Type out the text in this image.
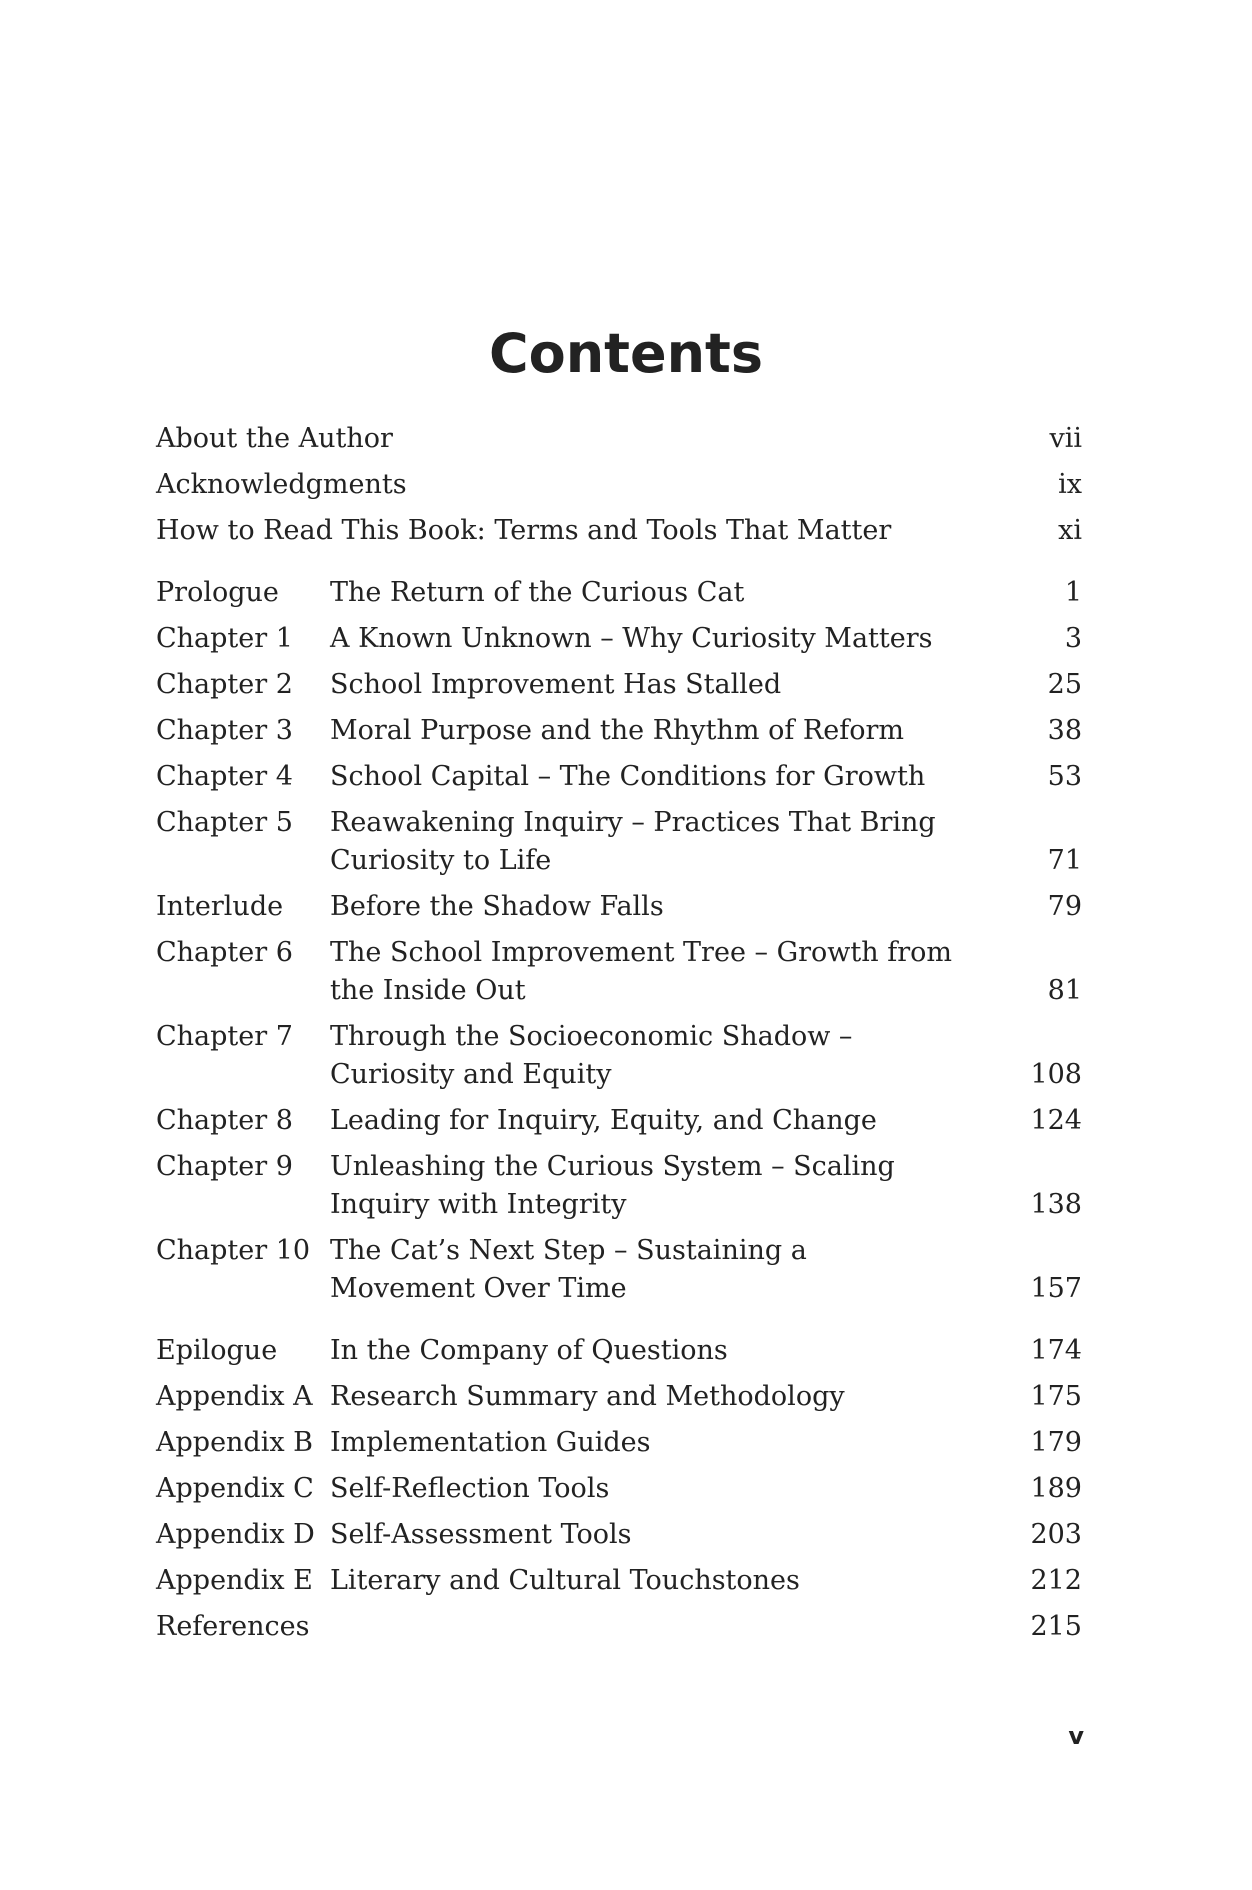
Contents
About the Author	vii
Acknowledgments	ix
How to Read This Book: Terms and Tools That Matter	xi
Prologue	The Return of the Curious Cat	1
Chapter 1	A Known Unknown – Why Curiosity Matters	3
Chapter 2	School Improvement Has Stalled	25
Chapter 3	Moral Purpose and the Rhythm of Reform	38
Chapter 4	School Capital – The Conditions for Growth	53
Chapter 5	Reawakening Inquiry – Practices That Bring Curiosity to Life	71
Interlude	Before the Shadow Falls	79
Chapter 6	The School Improvement Tree – Growth from the Inside Out	81
Chapter 7	Through the Socioeconomic Shadow – Curiosity and Equity	108
Chapter 8	Leading for Inquiry, Equity, and Change	124
Chapter 9	Unleashing the Curious System – Scaling Inquiry with Integrity	138
Chapter 10 The Cat’s Next Step – Sustaining a Movement Over Time	157
Epilogue	In the Company of Questions	174
Appendix A Research Summary and Methodology	175
Appendix B Implementation Guides	179
Appendix C Self-Reflection Tools	189
Appendix D Self-Assessment Tools	203
Appendix E Literary and Cultural Touchstones	212
References	215
v
